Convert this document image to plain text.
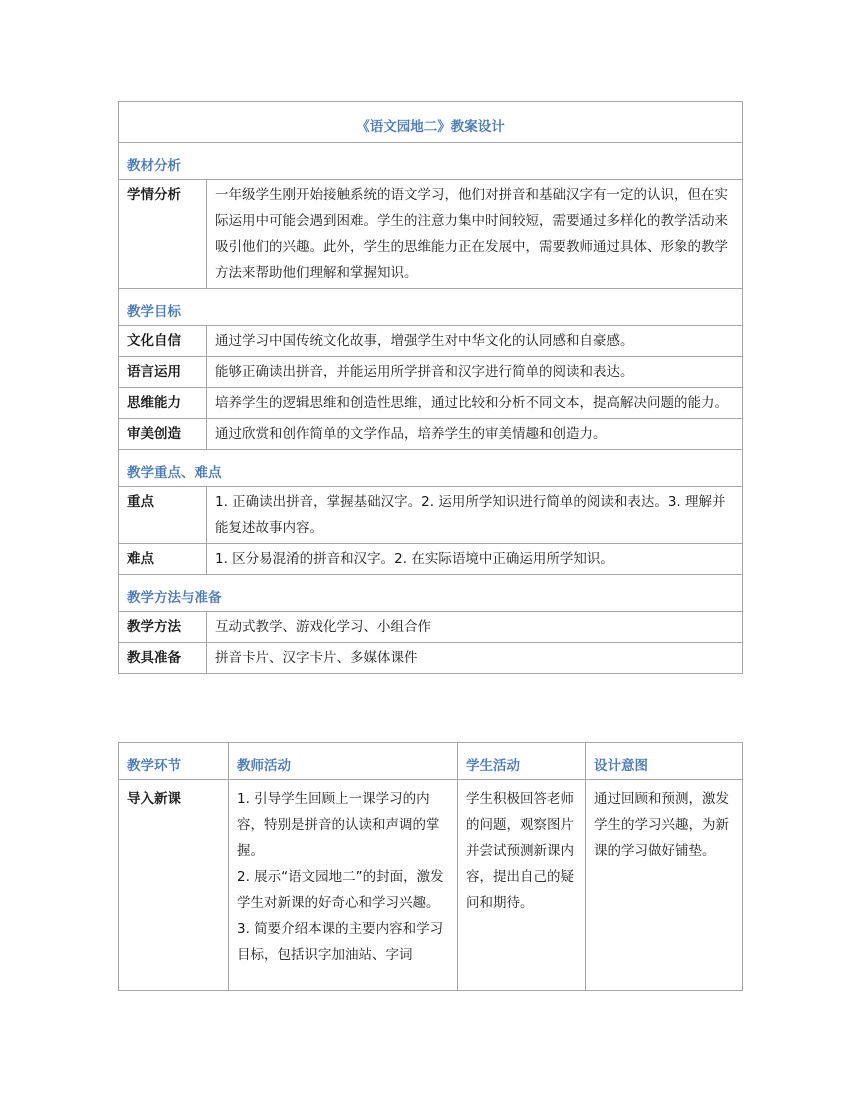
《语文园地二》教案设计	
教材分析	
学情分析	一年级学生刚开始接触系统的语文学习，他们对拼音和基础汉字有一定的认识，但在实际运用中可能会遇到困难。学生的注意力集中时间较短，需要通过多样化的教学活动来吸引他们的兴趣。此外，学生的思维能力正在发展中，需要教师通过具体、形象的教学方法来帮助他们理解和掌握知识。
教学目标	
文化自信	通过学习中国传统文化故事，增强学生对中华文化的认同感和自豪感。
语言运用	能够正确读出拼音，并能运用所学拼音和汉字进行简单的阅读和表达。
思维能力	培养学生的逻辑思维和创造性思维，通过比较和分析不同文本，提高解决问题的能力。
审美创造	通过欣赏和创作简单的文学作品，培养学生的审美情趣和创造力。
教学重点、难点	
重点	1. 正确读出拼音，掌握基础汉字。2. 运用所学知识进行简单的阅读和表达。3. 理解并能复述故事内容。
难点	1. 区分易混淆的拼音和汉字。2. 在实际语境中正确运用所学知识。
教学方法与准备	
教学方法	互动式教学、游戏化学习、小组合作
教具准备	拼音卡片、汉字卡片、多媒体课件
教学环节	教师活动	学生活动	设计意图
导入新课	1. 引导学生回顾上一课学习的内容，特别是拼音的认读和声调的掌握。
2. 展示“语文园地二”的封面，激发学生对新课的好奇心和学习兴趣。
3. 简要介绍本课的主要内容和学习目标，包括识字加油站、字词	学生积极回答老师的问题，观察图片并尝试预测新课内容，提出自己的疑问和期待。	通过回顾和预测，激发学生的学习兴趣，为新课的学习做好铺垫。
